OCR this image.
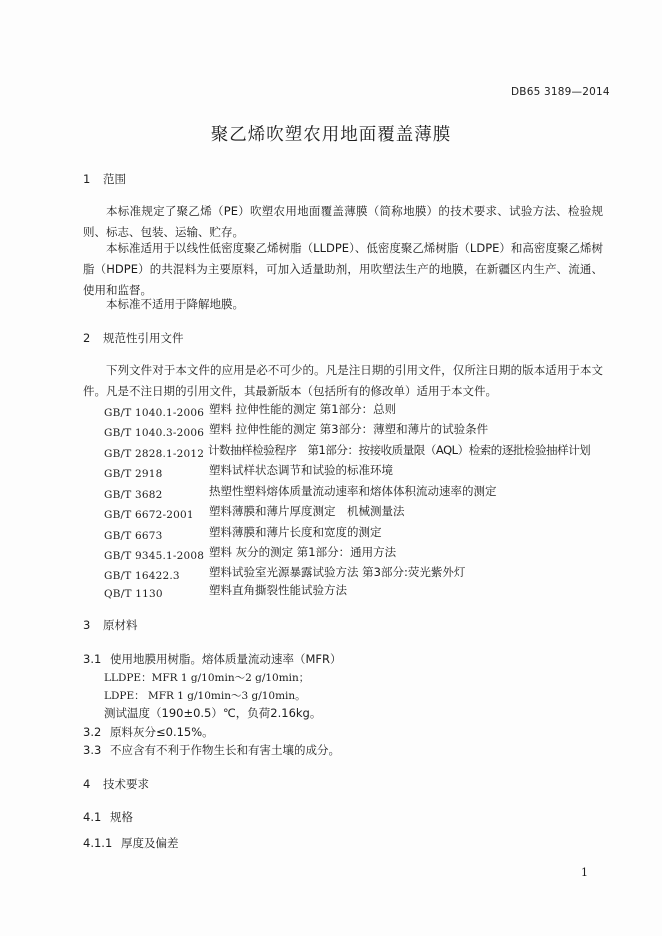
DB65 3189—2014
聚乙烯吹塑农用地面覆盖薄膜
1 范围
本标准规定了聚乙烯（PE）吹塑农用地面覆盖薄膜（简称地膜）的技术要求、试验方法、检验规则、标志、包装、运输、贮存。
本标准适用于以线性低密度聚乙烯树脂（LLDPE）、低密度聚乙烯树脂（LDPE）和高密度聚乙烯树脂（HDPE）的共混料为主要原料，可加入适量助剂，用吹塑法生产的地膜，在新疆区内生产、流通、使用和监督。
本标准不适用于降解地膜。
2 规范性引用文件
下列文件对于本文件的应用是必不可少的。凡是注日期的引用文件，仅所注日期的版本适用于本文件。凡是不注日期的引用文件，其最新版本（包括所有的修改单）适用于本文件。
GB/T 1040.1-2006 塑料 拉伸性能的测定 第1部分：总则
GB/T 1040.3-2006 塑料 拉伸性能的测定 第3部分：薄塑和薄片的试验条件
GB/T 2828.1-2012 计数抽样检验程序　第1部分：按接收质量限（AQL）检索的逐批检验抽样计划
GB/T 2918	塑料试样状态调节和试验的标准环境
GB/T 3682	热塑性塑料熔体质量流动速率和熔体体积流动速率的测定
GB/T 6672-2001 塑料薄膜和薄片厚度测定　机械测量法
GB/T 6673	塑料薄膜和薄片长度和宽度的测定
GB/T 9345.1-2008 塑料 灰分的测定 第1部分：通用方法
GB/T 16422.3	塑料试验室光源暴露试验方法 第3部分:荧光紫外灯
QB/T 1130	塑料直角撕裂性能试验方法
3 原材料
3.1 使用地膜用树脂。熔体质量流动速率（MFR）
LLDPE：MFR 1 g/10min～2 g/10min；
LDPE： MFR 1 g/10min～3 g/10min。
测试温度（190±0.5）℃，负荷2.16kg。
3.2 原料灰分≤0.15%。
3.3 不应含有不利于作物生长和有害土壤的成分。
4 技术要求
4.1 规格
4.1.1 厚度及偏差
1
